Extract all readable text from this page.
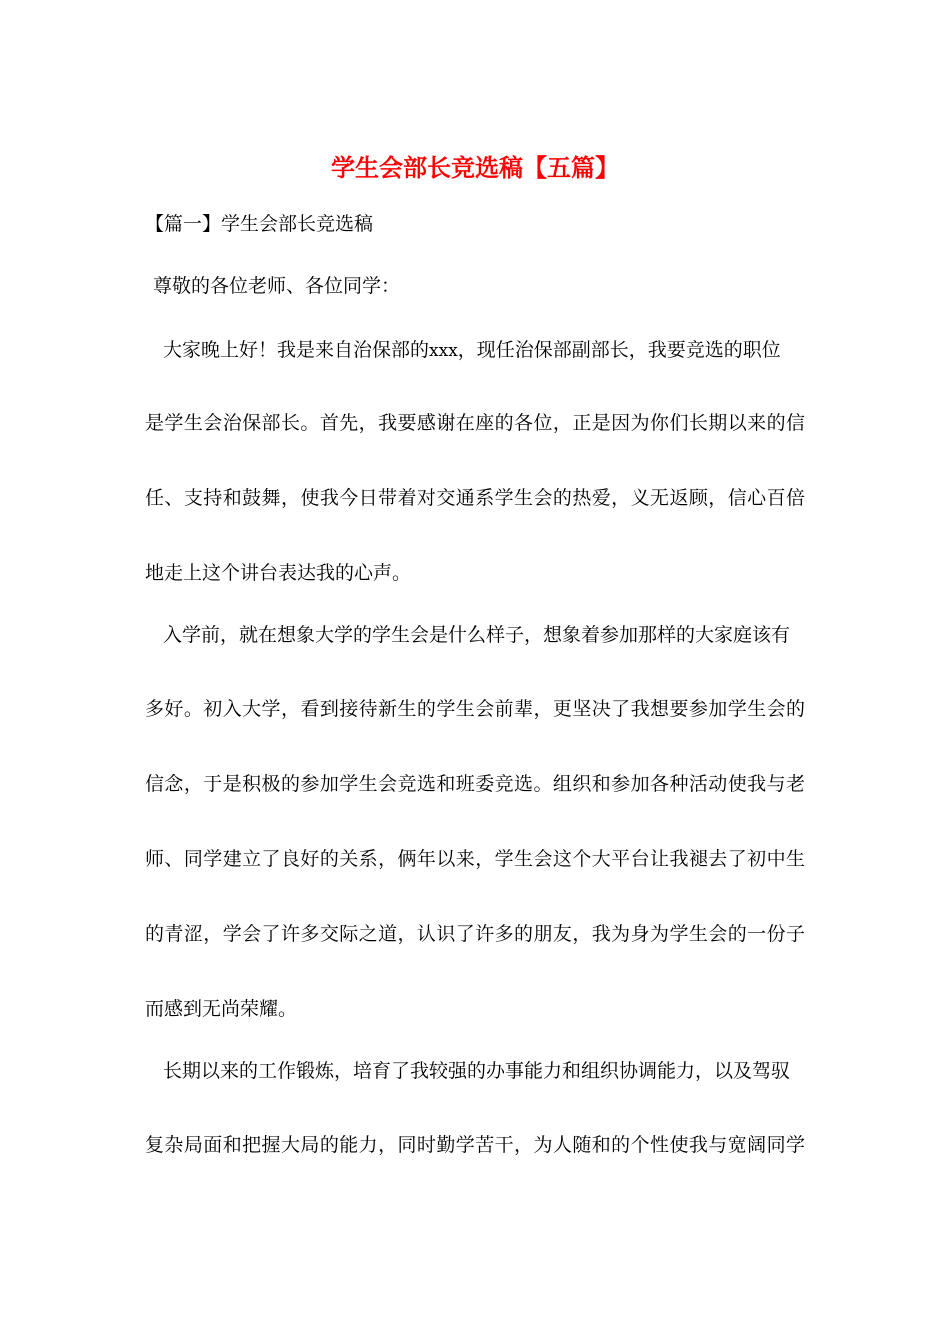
学生会部长竞选稿【五篇】
【篇一】学生会部长竞选稿
尊敬的各位老师、各位同学：
大家晚上好！我是来自治保部的xxx，现任治保部副部长，我要竞选的职位
是学生会治保部长。首先，我要感谢在座的各位，正是因为你们长期以来的信
任、支持和鼓舞，使我今日带着对交通系学生会的热爱，义无返顾，信心百倍
地走上这个讲台表达我的心声。
入学前，就在想象大学的学生会是什么样子，想象着参加那样的大家庭该有
多好。初入大学，看到接待新生的学生会前辈，更坚决了我想要参加学生会的
信念，于是积极的参加学生会竞选和班委竞选。组织和参加各种活动使我与老
师、同学建立了良好的关系，俩年以来，学生会这个大平台让我褪去了初中生
的青涩，学会了许多交际之道，认识了许多的朋友，我为身为学生会的一份子
而感到无尚荣耀。
长期以来的工作锻炼，培育了我较强的办事能力和组织协调能力，以及驾驭
复杂局面和把握大局的能力，同时勤学苦干，为人随和的个性使我与宽阔同学
